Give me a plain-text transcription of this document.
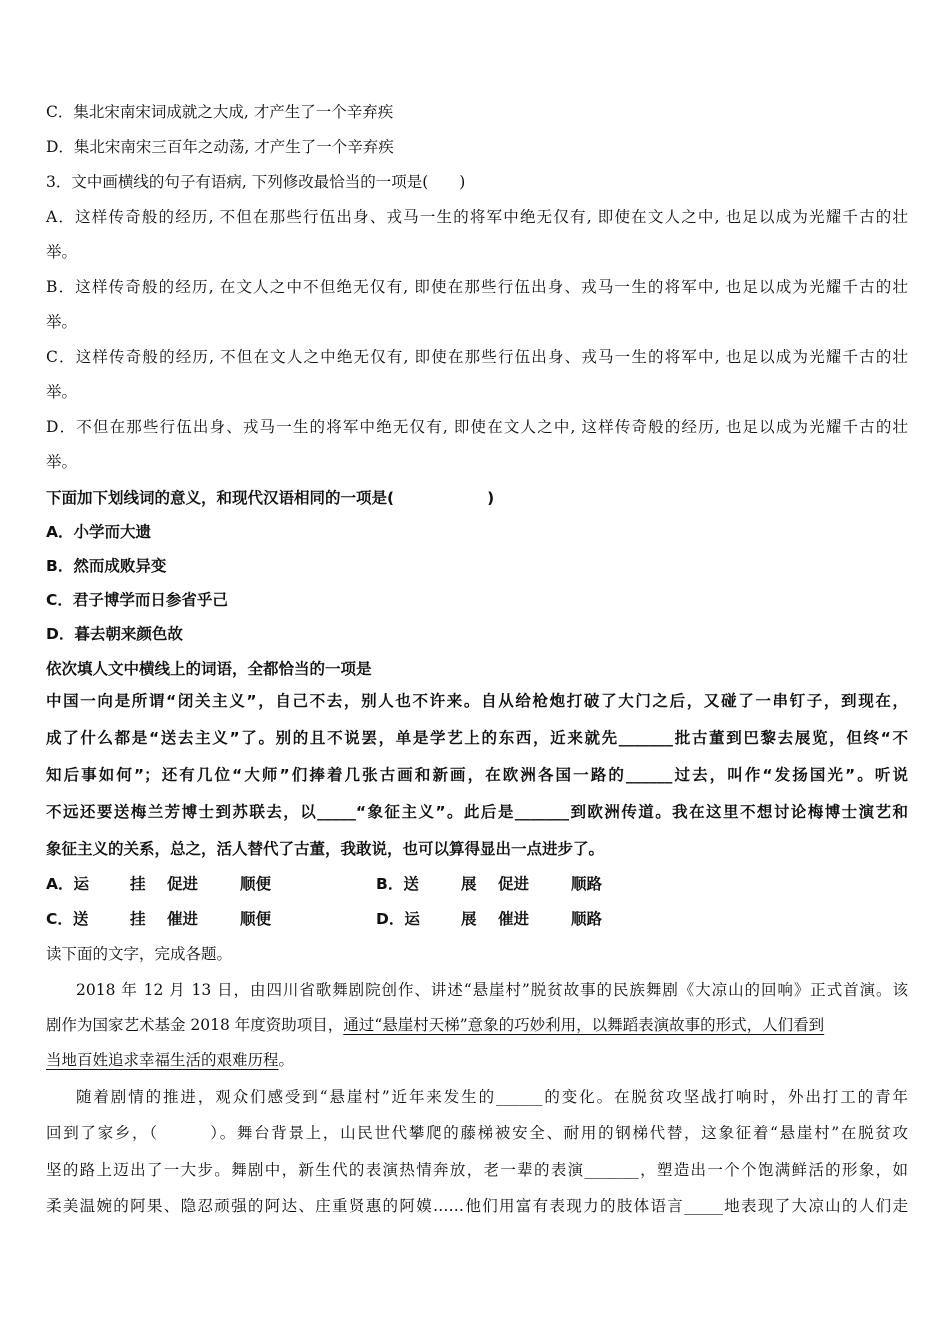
C．集北宋南宋词成就之大成, 才产生了一个辛弃疾
D．集北宋南宋三百年之动荡, 才产生了一个辛弃疾
3．文中画横线的句子有语病, 下列修改最恰当的一项是(　　)
A．这样传奇般的经历, 不但在那些行伍出身、戎马一生的将军中绝无仅有, 即使在文人之中, 也足以成为光耀千古的壮
举。
B．这样传奇般的经历, 在文人之中不但绝无仅有, 即使在那些行伍出身、戎马一生的将军中, 也足以成为光耀千古的壮
举。
C．这样传奇般的经历, 不但在文人之中绝无仅有, 即使在那些行伍出身、戎马一生的将军中, 也足以成为光耀千古的壮
举。
D．不但在那些行伍出身、戎马一生的将军中绝无仅有, 即使在文人之中, 这样传奇般的经历, 也足以成为光耀千古的壮
举。
下面加下划线词的意义，和现代汉语相同的一项是(　　　　　　)
A．小学而大遗
B．然而成败异变
C．君子博学而日参省乎己
D．暮去朝来颜色故
依次填人文中横线上的词语，全都恰当的一项是
中国一向是所谓“闭关主义”，自己不去，别人也不许来。自从给枪炮打破了大门之后，又碰了一串钉子，到现在，
成了什么都是“送去主义”了。别的且不说罢，单是学艺上的东西，近来就先_______批古董到巴黎去展览，但终“不
知后事如何”；还有几位“大师”们捧着几张古画和新画，在欧洲各国一路的______过去，叫作“发扬国光”。听说
不远还要送梅兰芳博士到苏联去，以_____“象征主义”。此后是_______到欧洲传道。我在这里不想讨论梅博士演艺和
象征主义的关系，总之，活人替代了古董，我敢说，也可以算得显出一点进步了。
A．运	挂 促进	顺便	B．送	展 促进	顺路
C．送	挂 催进	顺便	D．运	展 催进	顺路
读下面的文字，完成各题。
2018 年 12 月 13 日，由四川省歌舞剧院创作、讲述“悬崖村”脱贫故事的民族舞剧《大凉山的回响》正式首演。该
剧作为国家艺术基金 2018 年度资助项目，通过“悬崖村天梯”意象的巧妙利用，以舞蹈表演故事的形式，人们看到
当地百姓追求幸福生活的艰难历程。
随着剧情的推进，观众们感受到“悬崖村”近年来发生的______的变化。在脱贫攻坚战打响时，外出打工的青年
回到了家乡，（　　　）。舞台背景上，山民世代攀爬的藤梯被安全、耐用的钢梯代替，这象征着“悬崖村”在脱贫攻
坚的路上迈出了一大步。舞剧中，新生代的表演热情奔放，老一辈的表演_______，塑造出一个个饱满鲜活的形象，如
柔美温婉的阿果、隐忍顽强的阿达、庄重贤惠的阿嫫……他们用富有表现力的肢体语言_____地表现了大凉山的人们走
